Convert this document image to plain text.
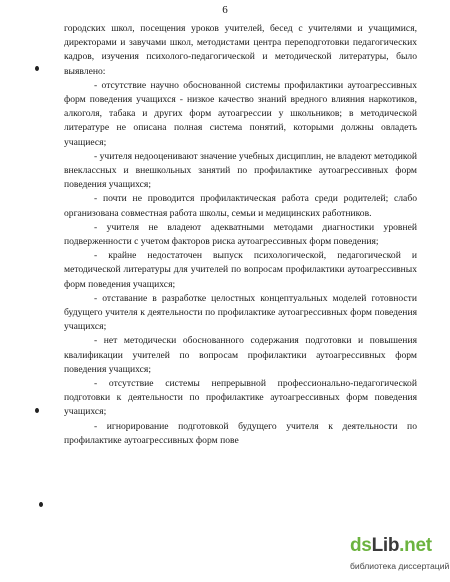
6

городских школ, посещения уроков учителей, бесед с учителями и учащимися, директорами и завучами школ, методистами центра переподготовки педагогических кадров, изучения психолого-педагогической и методической литературы, было выявлено:

- отсутствие научно обоснованной системы профилактики аутоагрессивных форм поведения учащихся - низкое качество знаний вредного влияния наркотиков, алкоголя, табака и других форм аутоагрессии у школьников; в методической литературе не описана полная система понятий, которыми должны овладеть учащиеся;

- учителя недооценивают значение учебных дисциплин, не владеют методикой внеклассных и внешкольных занятий по профилактике аутоагрессивных форм поведения учащихся;

- почти не проводится профилактическая работа среди родителей; слабо организована совместная работа школы, семьи и медицинских работников.

- учителя не владеют адекватными методами диагностики уровней подверженности с учетом факторов риска аутоагрессивных форм поведения;

- крайне недостаточен выпуск психологической, педагогической и методической литературы для учителей по вопросам профилактики аутоагрессивных форм поведения учащихся;

- отставание в разработке целостных концептуальных моделей готовности будущего учителя к деятельности по профилактике аутоагрессивных форм поведения учащихся;

- нет методически обоснованного содержания подготовки и повышения квалификации учителей по вопросам профилактики аутоагрессивных форм поведения учащихся;

- отсутствие системы непрерывной профессионально-педагогической подготовки к деятельности по профилактике аутоагрессивных форм поведения учащихся;

- игнорирование подготовкой будущего учителя к деятельности по профилактике аутоагрессивных форм пове

dsLib.net
библиотека диссертаций
